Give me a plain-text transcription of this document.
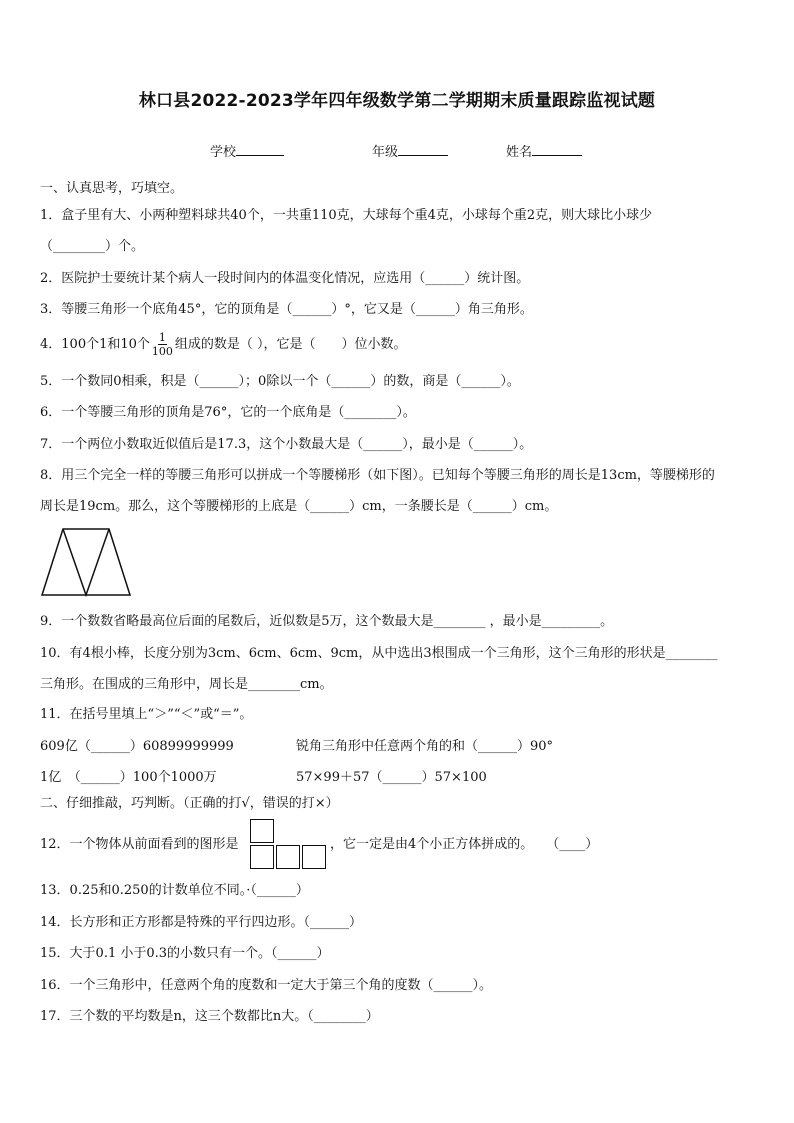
林口县2022-2023学年四年级数学第二学期期末质量跟踪监视试题
学校	年级	姓名
一、认真思考，巧填空。
1．盒子里有大、小两种塑料球共40个，一共重110克，大球每个重4克，小球每个重2克，则大球比小球少
（________）个。
2．医院护士要统计某个病人一段时间内的体温变化情况，应选用（______）统计图。
3．等腰三角形一个底角45°，它的顶角是（______）°，它又是（______）角三角形。
4．100个1和10个 $\frac{1}{100}$ 组成的数是（ ），它是（　　）位小数。
5．一个数同0相乘，积是（______）；0除以一个（______）的数，商是（______）。
6．一个等腰三角形的顶角是76°，它的一个底角是（________）。
7．一个两位小数取近似值后是17.3，这个小数最大是（______），最小是（______）。
8．用三个完全一样的等腰三角形可以拼成一个等腰梯形（如下图）。已知每个等腰三角形的周长是13cm，等腰梯形的
周长是19cm。那么，这个等腰梯形的上底是（______）cm，一条腰长是（______）cm。
9．一个数数省略最高位后面的尾数后，近似数是5万，这个数最大是________ ，最小是_________。
10．有4根小棒，长度分别为3cm、6cm、6cm、9cm，从中选出3根围成一个三角形，这个三角形的形状是________
三角形。在围成的三角形中，周长是________cm。
11．在括号里填上“＞”“＜”或“＝”。
609亿（______）60899999999	锐角三角形中任意两个角的和（______）90°
1亿　（______）100个1000万	57×99＋57（______）57×100
二、仔细推敲，巧判断。（正确的打√，错误的打×）
12．一个物体从前面看到的图形是	，它一定是由4个小正方体拼成的。　　（____）
13．0.25和0.250的计数单位不同。·（______）
14．长方形和正方形都是特殊的平行四边形。（______）
15．大于0.1 小于0.3的小数只有一个。（______）
16．一个三角形中，任意两个角的度数和一定大于第三个角的度数（______）。
17．三个数的平均数是n，这三个数都比n大。（________）
